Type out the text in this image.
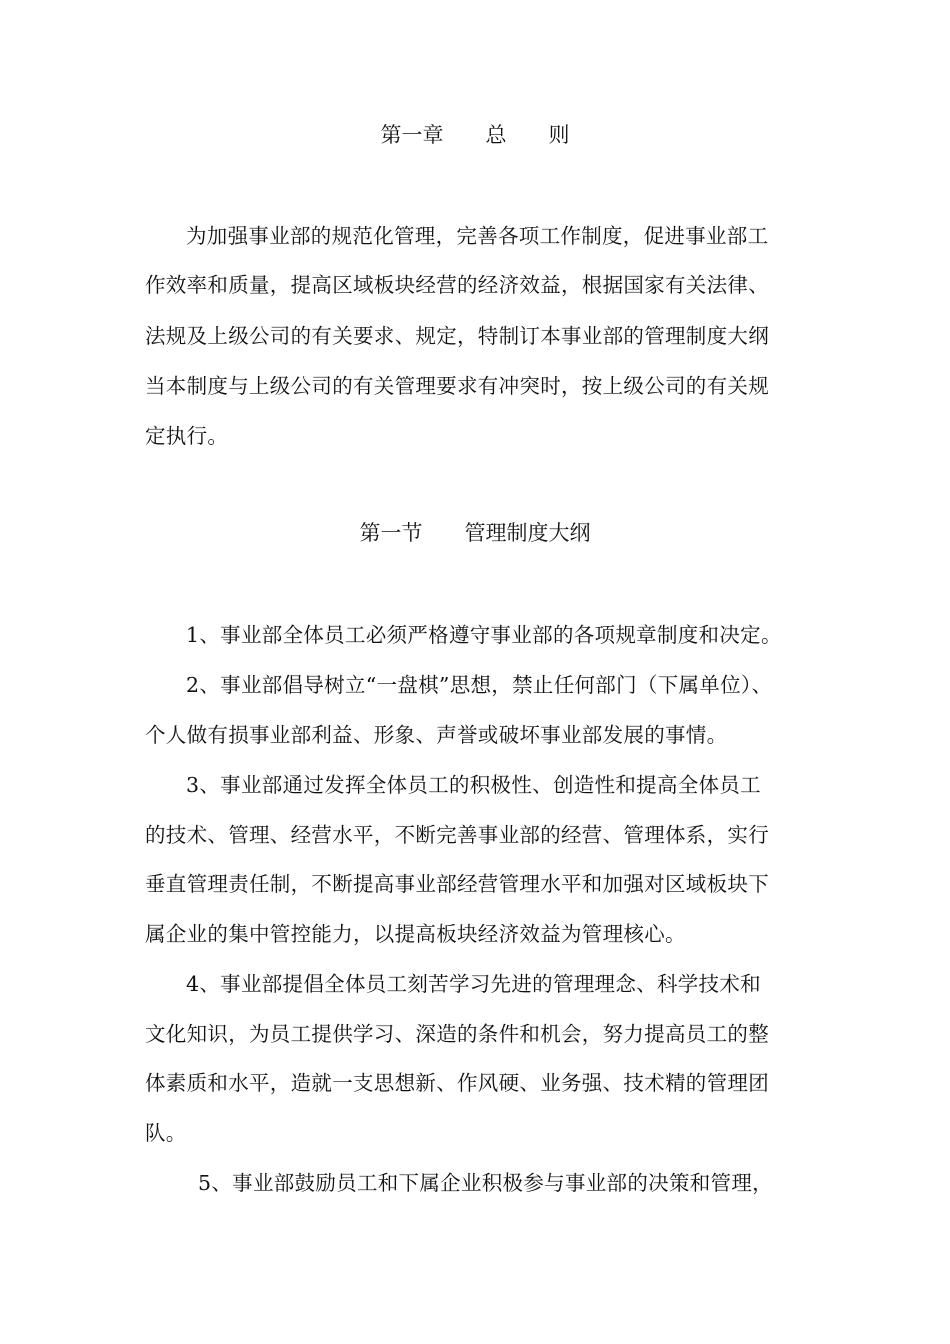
第一章　　总　　则
为加强事业部的规范化管理，完善各项工作制度，促进事业部工
作效率和质量，提高区域板块经营的经济效益，根据国家有关法律、
法规及上级公司的有关要求、规定，特制订本事业部的管理制度大纲
当本制度与上级公司的有关管理要求有冲突时，按上级公司的有关规
定执行。
第一节　　管理制度大纲
1、事业部全体员工必须严格遵守事业部的各项规章制度和决定。
2、事业部倡导树立“一盘棋”思想，禁止任何部门（下属单位）、
个人做有损事业部利益、形象、声誉或破坏事业部发展的事情。
3、事业部通过发挥全体员工的积极性、创造性和提高全体员工
的技术、管理、经营水平，不断完善事业部的经营、管理体系，实行
垂直管理责任制，不断提高事业部经营管理水平和加强对区域板块下
属企业的集中管控能力，以提高板块经济效益为管理核心。
4、事业部提倡全体员工刻苦学习先进的管理理念、科学技术和
文化知识，为员工提供学习、深造的条件和机会，努力提高员工的整
体素质和水平，造就一支思想新、作风硬、业务强、技术精的管理团
队。
5、事业部鼓励员工和下属企业积极参与事业部的决策和管理，
